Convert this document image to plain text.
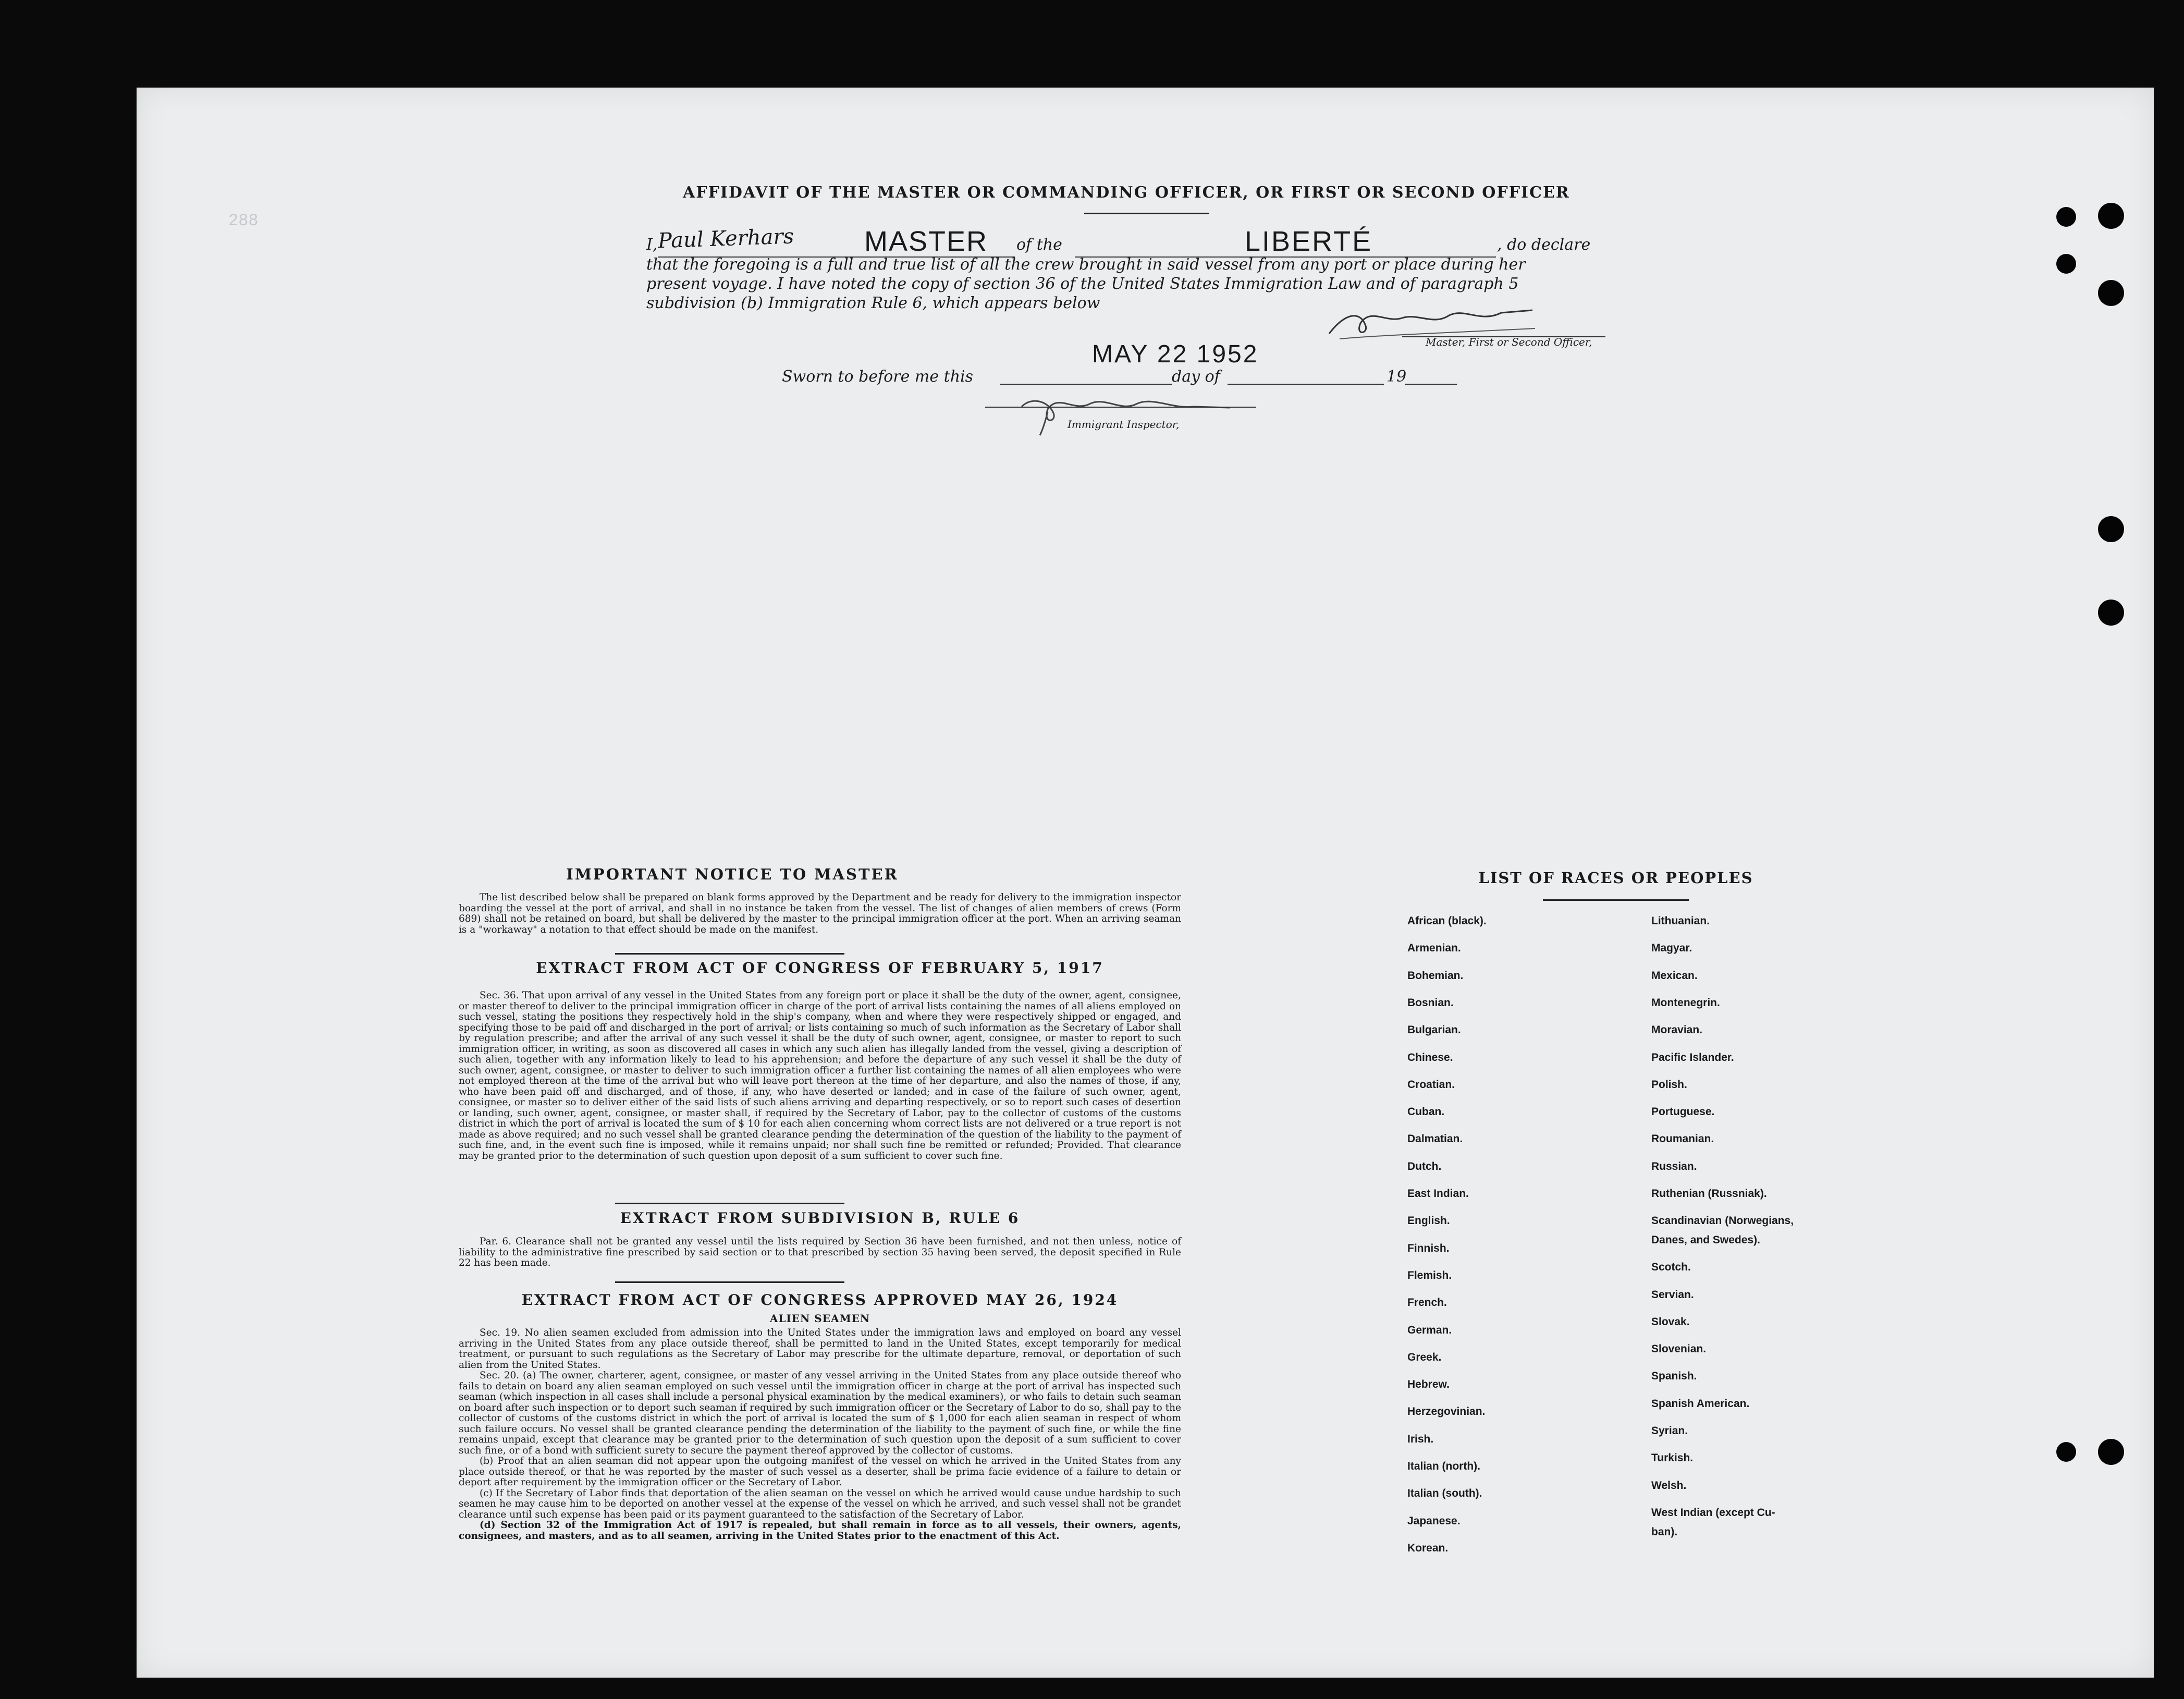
288
AFFIDAVIT OF THE MASTER OR COMMANDING OFFICER, OR FIRST OR SECOND OFFICER
I, Paul Kerhars MASTER of the	LIBERTÉ	, do declare
that the foregoing is a full and true list of all the crew brought in said vessel from any port or place during her
present voyage. I have noted the copy of section 36 of the United States Immigration Law and of paragraph 5
subdivision (b) Immigration Rule 6, which appears below
Master, First or Second Officer,
MAY 22 1952
Sworn to before me this	day of	19
Immigrant Inspector,
IMPORTANT NOTICE TO MASTER

The list described below shall be prepared on blank forms approved by the Department and be ready for delivery to the immigration inspector boarding the vessel at the port of arrival, and shall in no instance be taken from the vessel. The list of changes of alien members of crews (Form 689) shall not be retained on board, but shall be delivered by the master to the principal immigration officer at the port. When an arriving seaman is a "workaway" a notation to that effect should be made on the manifest.

EXTRACT FROM ACT OF CONGRESS OF FEBRUARY 5, 1917

Sec. 36. That upon arrival of any vessel in the United States from any foreign port or place it shall be the duty of the owner, agent, consignee, or master thereof to deliver to the principal immigration officer in charge of the port of arrival lists containing the names of all aliens employed on such vessel, stating the positions they respectively hold in the ship's company, when and where they were respectively shipped or engaged, and specifying those to be paid off and discharged in the port of arrival; or lists containing so much of such information as the Secretary of Labor shall by regulation prescribe; and after the arrival of any such vessel it shall be the duty of such owner, agent, consignee, or master to report to such immigration officer, in writing, as soon as discovered all cases in which any such alien has illegally landed from the vessel, giving a description of such alien, together with any information likely to lead to his apprehension; and before the departure of any such vessel it shall be the duty of such owner, agent, consignee, or master to deliver to such immigration officer a further list containing the names of all alien employees who were not employed thereon at the time of the arrival but who will leave port thereon at the time of her departure, and also the names of those, if any, who have been paid off and discharged, and of those, if any, who have deserted or landed; and in case of the failure of such owner, agent, consignee, or master so to deliver either of the said lists of such aliens arriving and departing respectively, or so to report such cases of desertion or landing, such owner, agent, consignee, or master shall, if required by the Secretary of Labor, pay to the collector of customs of the customs district in which the port of arrival is located the sum of $ 10 for each alien concerning whom correct lists are not delivered or a true report is not made as above required; and no such vessel shall be granted clearance pending the determination of the question of the liability to the payment of such fine, and, in the event such fine is imposed, while it remains unpaid; nor shall such fine be remitted or refunded; Provided. That clearance may be granted prior to the determination of such question upon deposit of a sum sufficient to cover such fine.

EXTRACT FROM SUBDIVISION B, RULE 6

Par. 6. Clearance shall not be granted any vessel until the lists required by Section 36 have been furnished, and not then unless, notice of liability to the administrative fine prescribed by said section or to that prescribed by section 35 having been served, the deposit specified in Rule 22 has been made.

EXTRACT FROM ACT OF CONGRESS APPROVED MAY 26, 1924
ALIEN SEAMEN

Sec. 19. No alien seamen excluded from admission into the United States under the immigration laws and employed on board any vessel arriving in the United States from any place outside thereof, shall be permitted to land in the United States, except temporarily for medical treatment, or pursuant to such regulations as the Secretary of Labor may prescribe for the ultimate departure, removal, or deportation of such alien from the United States.

Sec. 20. (a) The owner, charterer, agent, consignee, or master of any vessel arriving in the United States from any place outside thereof who fails to detain on board any alien seaman employed on such vessel until the immigration officer in charge at the port of arrival has inspected such seaman (which inspection in all cases shall include a personal physical examination by the medical examiners), or who fails to detain such seaman on board after such inspection or to deport such seaman if required by such immigration officer or the Secretary of Labor to do so, shall pay to the collector of customs of the customs district in which the port of arrival is located the sum of $ 1,000 for each alien seaman in respect of whom such failure occurs. No vessel shall be granted clearance pending the determination of the liability to the payment of such fine, or while the fine remains unpaid, except that clearance may be granted prior to the determination of such question upon the deposit of a sum sufficient to cover such fine, or of a bond with sufficient surety to secure the payment thereof approved by the collector of customs.

(b) Proof that an alien seaman did not appear upon the outgoing manifest of the vessel on which he arrived in the United States from any place outside thereof, or that he was reported by the master of such vessel as a deserter, shall be prima facie evidence of a failure to detain or deport after requirement by the immigration officer or the Secretary of Labor.

(c) If the Secretary of Labor finds that deportation of the alien seaman on the vessel on which he arrived would cause undue hardship to such seamen he may cause him to be deported on another vessel at the expense of the vessel on which he arrived, and such vessel shall not be grandet clearance until such expense has been paid or its payment guaranteed to the satisfaction of the Secretary of Labor.

(d) Section 32 of the Immigration Act of 1917 is repealed, but shall remain in force as to all vessels, their owners, agents, consignees, and masters, and as to all seamen, arriving in the United States prior to the enactment of this Act.

LIST OF RACES OR PEOPLES
African (black).
Armenian.
Bohemian.
Bosnian.
Bulgarian.
Chinese.
Croatian.
Cuban.
Dalmatian.
Dutch.
East Indian.
English.
Finnish.
Flemish.
French.
German.
Greek.
Hebrew.
Herzegovinian.
Irish.
Italian (north).
Italian (south).
Japanese.
Korean.
Lithuanian.
Magyar.
Mexican.
Montenegrin.
Moravian.
Pacific Islander.
Polish.
Portuguese.
Roumanian.
Russian.
Ruthenian (Russniak).
Scandinavian (Norwegians,
Danes, and Swedes).
Scotch.
Servian.
Slovak.
Slovenian.
Spanish.
Spanish American.
Syrian.
Turkish.
Welsh.
West Indian (except Cu-
ban).
